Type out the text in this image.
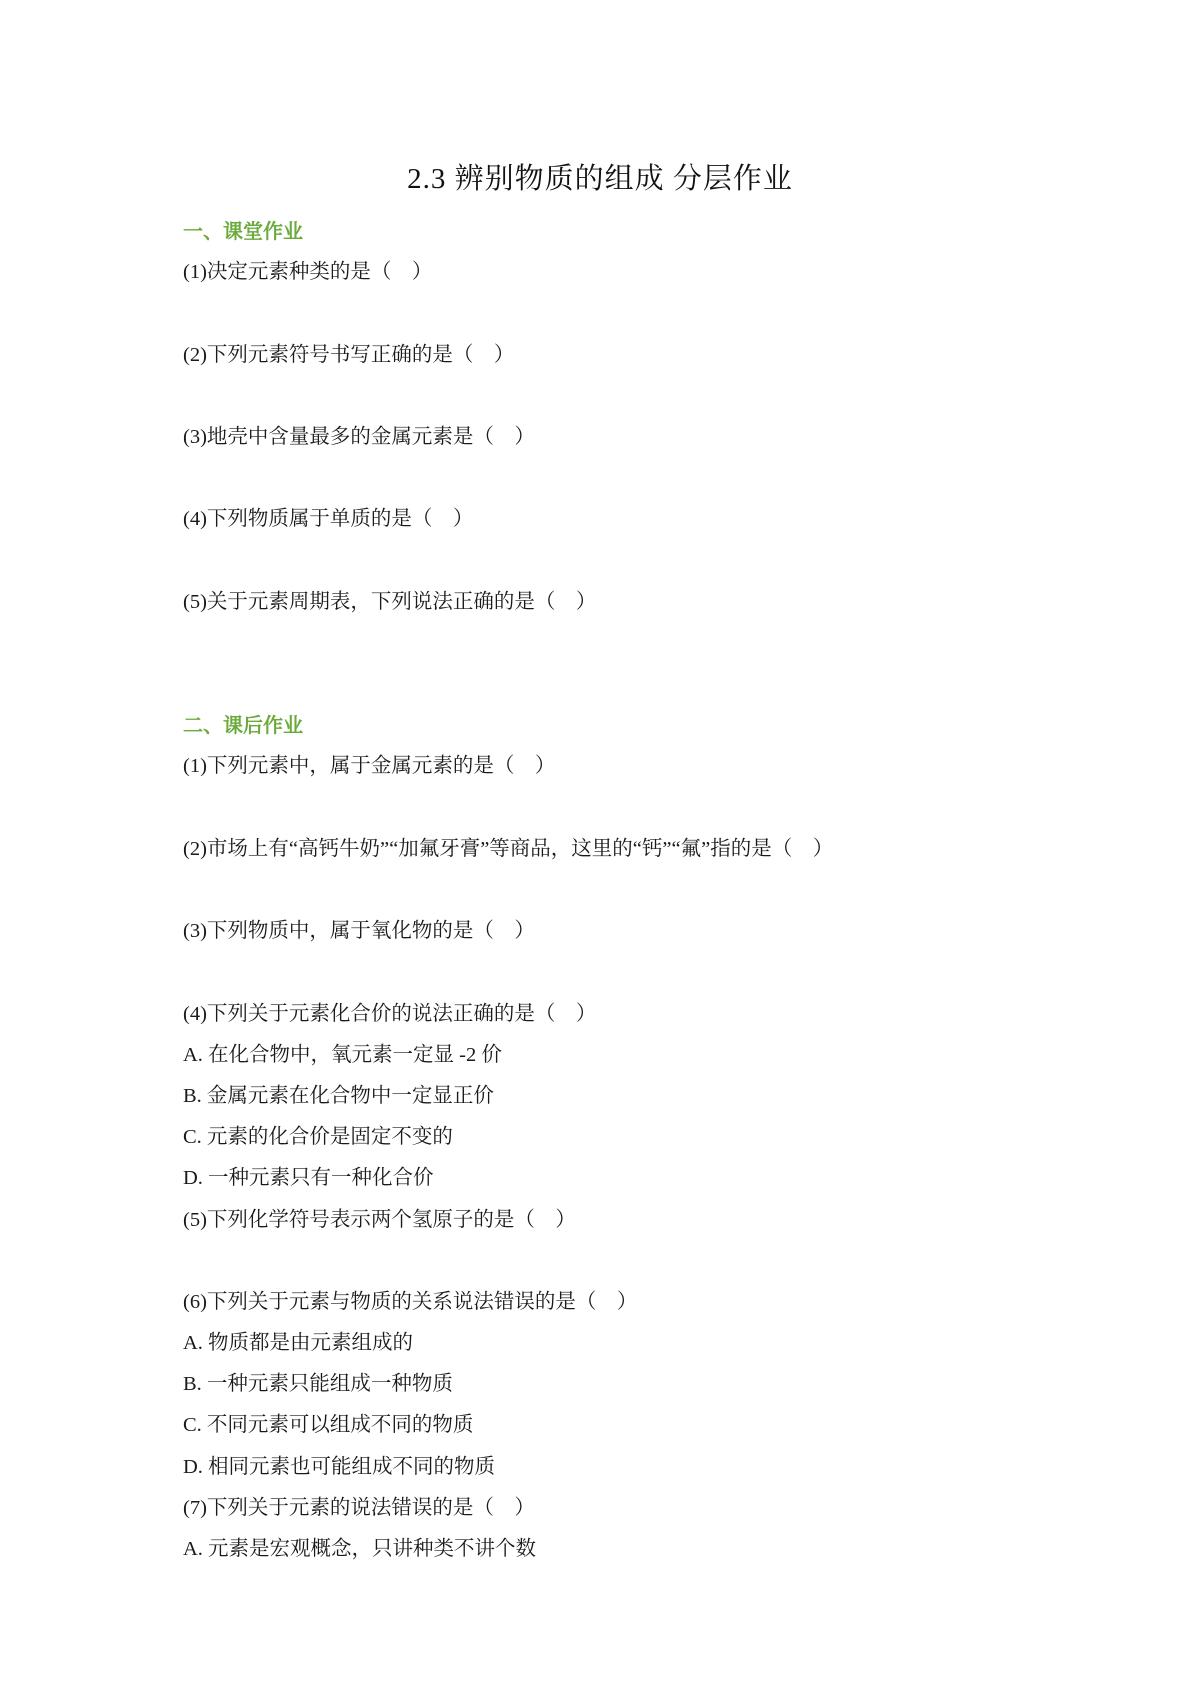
2.3 辨别物质的组成 分层作业
一、课堂作业
(1)决定元素种类的是（　）

(2)下列元素符号书写正确的是（　）

(3)地壳中含量最多的金属元素是（　）

(4)下列物质属于单质的是（　）

(5)关于元素周期表，下列说法正确的是（　）

二、课后作业
(1)下列元素中，属于金属元素的是（　）

(2)市场上有“高钙牛奶”“加氟牙膏”等商品，这里的“钙”“氟”指的是（　）

(3)下列物质中，属于氧化物的是（　）

(4)下列关于元素化合价的说法正确的是（　）
A. 在化合物中，氧元素一定显 -2 价
B. 金属元素在化合物中一定显正价
C. 元素的化合价是固定不变的
D. 一种元素只有一种化合价
(5)下列化学符号表示两个氢原子的是（　）

(6)下列关于元素与物质的关系说法错误的是（　）
A. 物质都是由元素组成的
B. 一种元素只能组成一种物质
C. 不同元素可以组成不同的物质
D. 相同元素也可能组成不同的物质
(7)下列关于元素的说法错误的是（　）
A. 元素是宏观概念，只讲种类不讲个数
